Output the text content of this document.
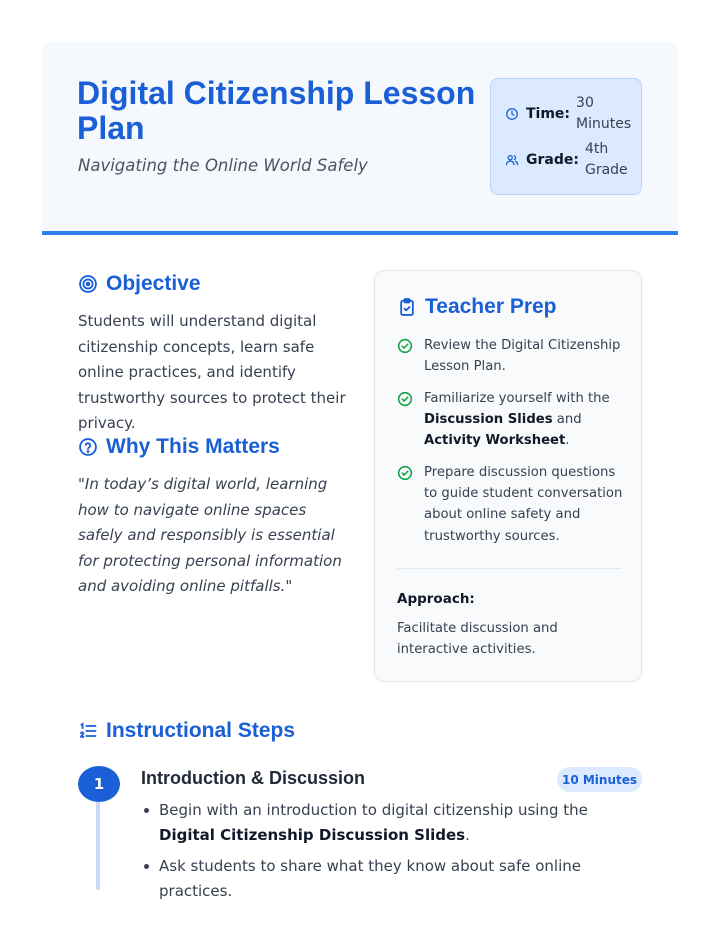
Digital Citizenship Lesson Plan
Navigating the Online World Safely
Time:
30 Minutes
Grade:
4th Grade
Objective
Students will understand digital citizenship concepts, learn safe online practices, and identify trustworthy sources to protect their privacy.
Why This Matters
"In today’s digital world, learning how to navigate online spaces safely and responsibly is essential for protecting personal information and avoiding online pitfalls."
Teacher Prep
Review the Digital Citizenship Lesson Plan.
Familiarize yourself with the Discussion Slides and Activity Worksheet.
Prepare discussion questions to guide student conversation about online safety and trustworthy sources.
Approach:
Facilitate discussion and interactive activities.
Instructional Steps
1	Introduction & Discussion	10 Minutes
Begin with an introduction to digital citizenship using the Digital Citizenship Discussion Slides.
Ask students to share what they know about safe online practices.
